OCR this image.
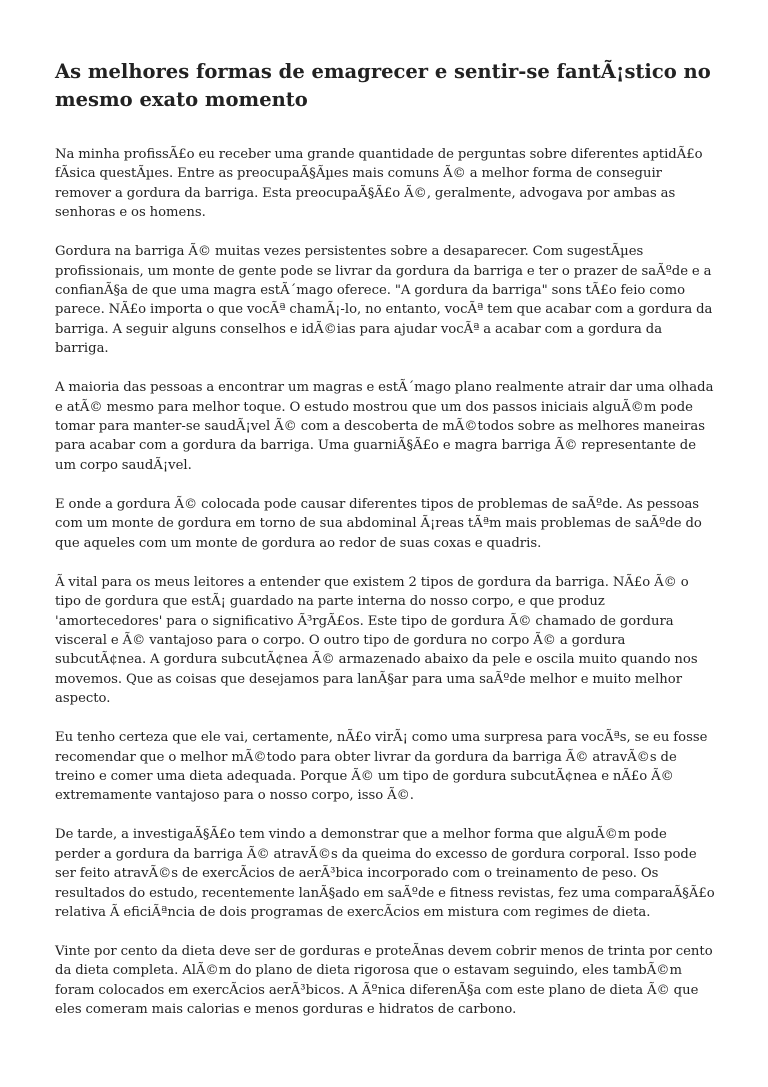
As melhores formas de emagrecer e sentir-se fantÃ¡stico no mesmo exato momento

Na minha profissÃ£o eu receber uma grande quantidade de perguntas sobre diferentes aptidÃ£o fÃsica questÃµes. Entre as preocupaÃ§Ãµes mais comuns Ã© a melhor forma de conseguir remover a gordura da barriga. Esta preocupaÃ§Ã£o Ã©, geralmente, advogava por ambas as senhoras e os homens.

Gordura na barriga Ã© muitas vezes persistentes sobre a desaparecer. Com sugestÃµes profissionais, um monte de gente pode se livrar da gordura da barriga e ter o prazer de saÃºde e a confianÃ§a de que uma magra estÃ´mago oferece. "A gordura da barriga" sons tÃ£o feio como parece. NÃ£o importa o que vocÃª chamÃ¡-lo, no entanto, vocÃª tem que acabar com a gordura da barriga. A seguir alguns conselhos e idÃ©ias para ajudar vocÃª a acabar com a gordura da barriga.

A maioria das pessoas a encontrar um magras e estÃ´mago plano realmente atrair dar uma olhada e atÃ© mesmo para melhor toque. O estudo mostrou que um dos passos iniciais alguÃ©m pode tomar para manter-se saudÃ¡vel Ã© com a descoberta de mÃ©todos sobre as melhores maneiras para acabar com a gordura da barriga. Uma guarniÃ§Ã£o e magra barriga Ã© representante de um corpo saudÃ¡vel.

E onde a gordura Ã© colocada pode causar diferentes tipos de problemas de saÃºde. As pessoas com um monte de gordura em torno de sua abdominal Ã¡reas tÃªm mais problemas de saÃºde do que aqueles com um monte de gordura ao redor de suas coxas e quadris.

Ã vital para os meus leitores a entender que existem 2 tipos de gordura da barriga. NÃ£o Ã© o tipo de gordura que estÃ¡ guardado na parte interna do nosso corpo, e que produz 'amortecedores' para o significativo Ã³rgÃ£os. Este tipo de gordura Ã© chamado de gordura visceral e Ã© vantajoso para o corpo. O outro tipo de gordura no corpo Ã© a gordura subcutÃ¢nea. A gordura subcutÃ¢nea Ã© armazenado abaixo da pele e oscila muito quando nos movemos. Que as coisas que desejamos para lanÃ§ar para uma saÃºde melhor e muito melhor aspecto.

Eu tenho certeza que ele vai, certamente, nÃ£o virÃ¡ como uma surpresa para vocÃªs, se eu fosse recomendar que o melhor mÃ©todo para obter livrar da gordura da barriga Ã© atravÃ©s de treino e comer uma dieta adequada. Porque Ã© um tipo de gordura subcutÃ¢nea e nÃ£o Ã© extremamente vantajoso para o nosso corpo, isso Ã©.

De tarde, a investigaÃ§Ã£o tem vindo a demonstrar que a melhor forma que alguÃ©m pode perder a gordura da barriga Ã© atravÃ©s da queima do excesso de gordura corporal. Isso pode ser feito atravÃ©s de exercÃcios de aerÃ³bica incorporado com o treinamento de peso. Os resultados do estudo, recentemente lanÃ§ado em saÃºde e fitness revistas, fez uma comparaÃ§Ã£o relativa Ã eficiÃªncia de dois programas de exercÃcios em mistura com regimes de dieta.

Vinte por cento da dieta deve ser de gorduras e proteÃnas devem cobrir menos de trinta por cento da dieta completa. AlÃ©m do plano de dieta rigorosa que o estavam seguindo, eles tambÃ©m foram colocados em exercÃcios aerÃ³bicos. A Ãºnica diferenÃ§a com este plano de dieta Ã© que eles comeram mais calorias e menos gorduras e hidratos de carbono.
